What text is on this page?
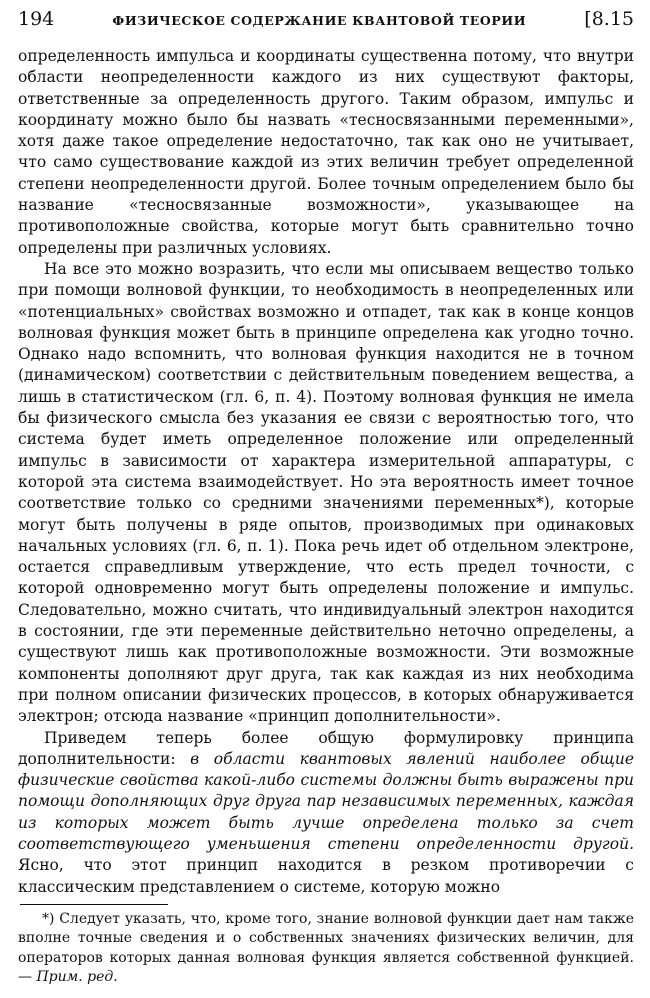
194	ФИЗИЧЕСКОЕ СОДЕРЖАНИЕ КВАНТОВОЙ ТЕОРИИ	[8.15

определенность импульса и координаты существенна потому, что внутри области неопределенности каждого из них существуют факторы, ответственные за определенность другого. Таким образом, импульс и координату можно было бы назвать «тесносвязанными переменными», хотя даже такое определение недостаточно, так как оно не учитывает, что само существование каждой из этих величин требует определенной степени неопределенности другой. Более точным определением было бы название «тесносвязанные возможности», указывающее на противоположные свойства, которые могут быть сравнительно точно определены при различных условиях.

На все это можно возразить, что если мы описываем вещество только при помощи волновой функции, то необходимость в неопределенных или «потенциальных» свойствах возможно и отпадет, так как в конце концов волновая функция может быть в принципе определена как угодно точно. Однако надо вспомнить, что волновая функция находится не в точном (динамическом) соответствии с действительным поведением вещества, а лишь в статистическом (гл. 6, п. 4). Поэтому волновая функция не имела бы физического смысла без указания ее связи с вероятностью того, что система будет иметь определенное положение или определенный импульс в зависимости от характера измерительной аппаратуры, с которой эта система взаимодействует. Но эта вероятность имеет точное соответствие только со средними значениями переменных*), которые могут быть получены в ряде опытов, производимых при одинаковых начальных условиях (гл. 6, п. 1). Пока речь идет об отдельном электроне, остается справедливым утверждение, что есть предел точности, с которой одновременно могут быть определены положение и импульс. Следовательно, можно считать, что индивидуальный электрон находится в состоянии, где эти переменные действительно неточно определены, а существуют лишь как противоположные возможности. Эти возможные компоненты дополняют друг друга, так как каждая из них необходима при полном описании физических процессов, в которых обнаруживается электрон; отсюда название «принцип дополнительности».

Приведем теперь более общую формулировку принципа дополнительности: в области квантовых явлений наиболее общие физические свойства какой-либо системы должны быть выражены при помощи дополняющих друг друга пар независимых переменных, каждая из которых может быть лучше определена только за счет соответствующего уменьшения степени определенности другой. Ясно, что этот принцип находится в резком противоречии с классическим представлением о системе, которую можно

*) Следует указать, что, кроме того, знание волновой функции дает нам также вполне точные сведения и о собственных значениях физических величин, для операторов которых данная волновая функция является собственной функцией. — Прим. ред.
